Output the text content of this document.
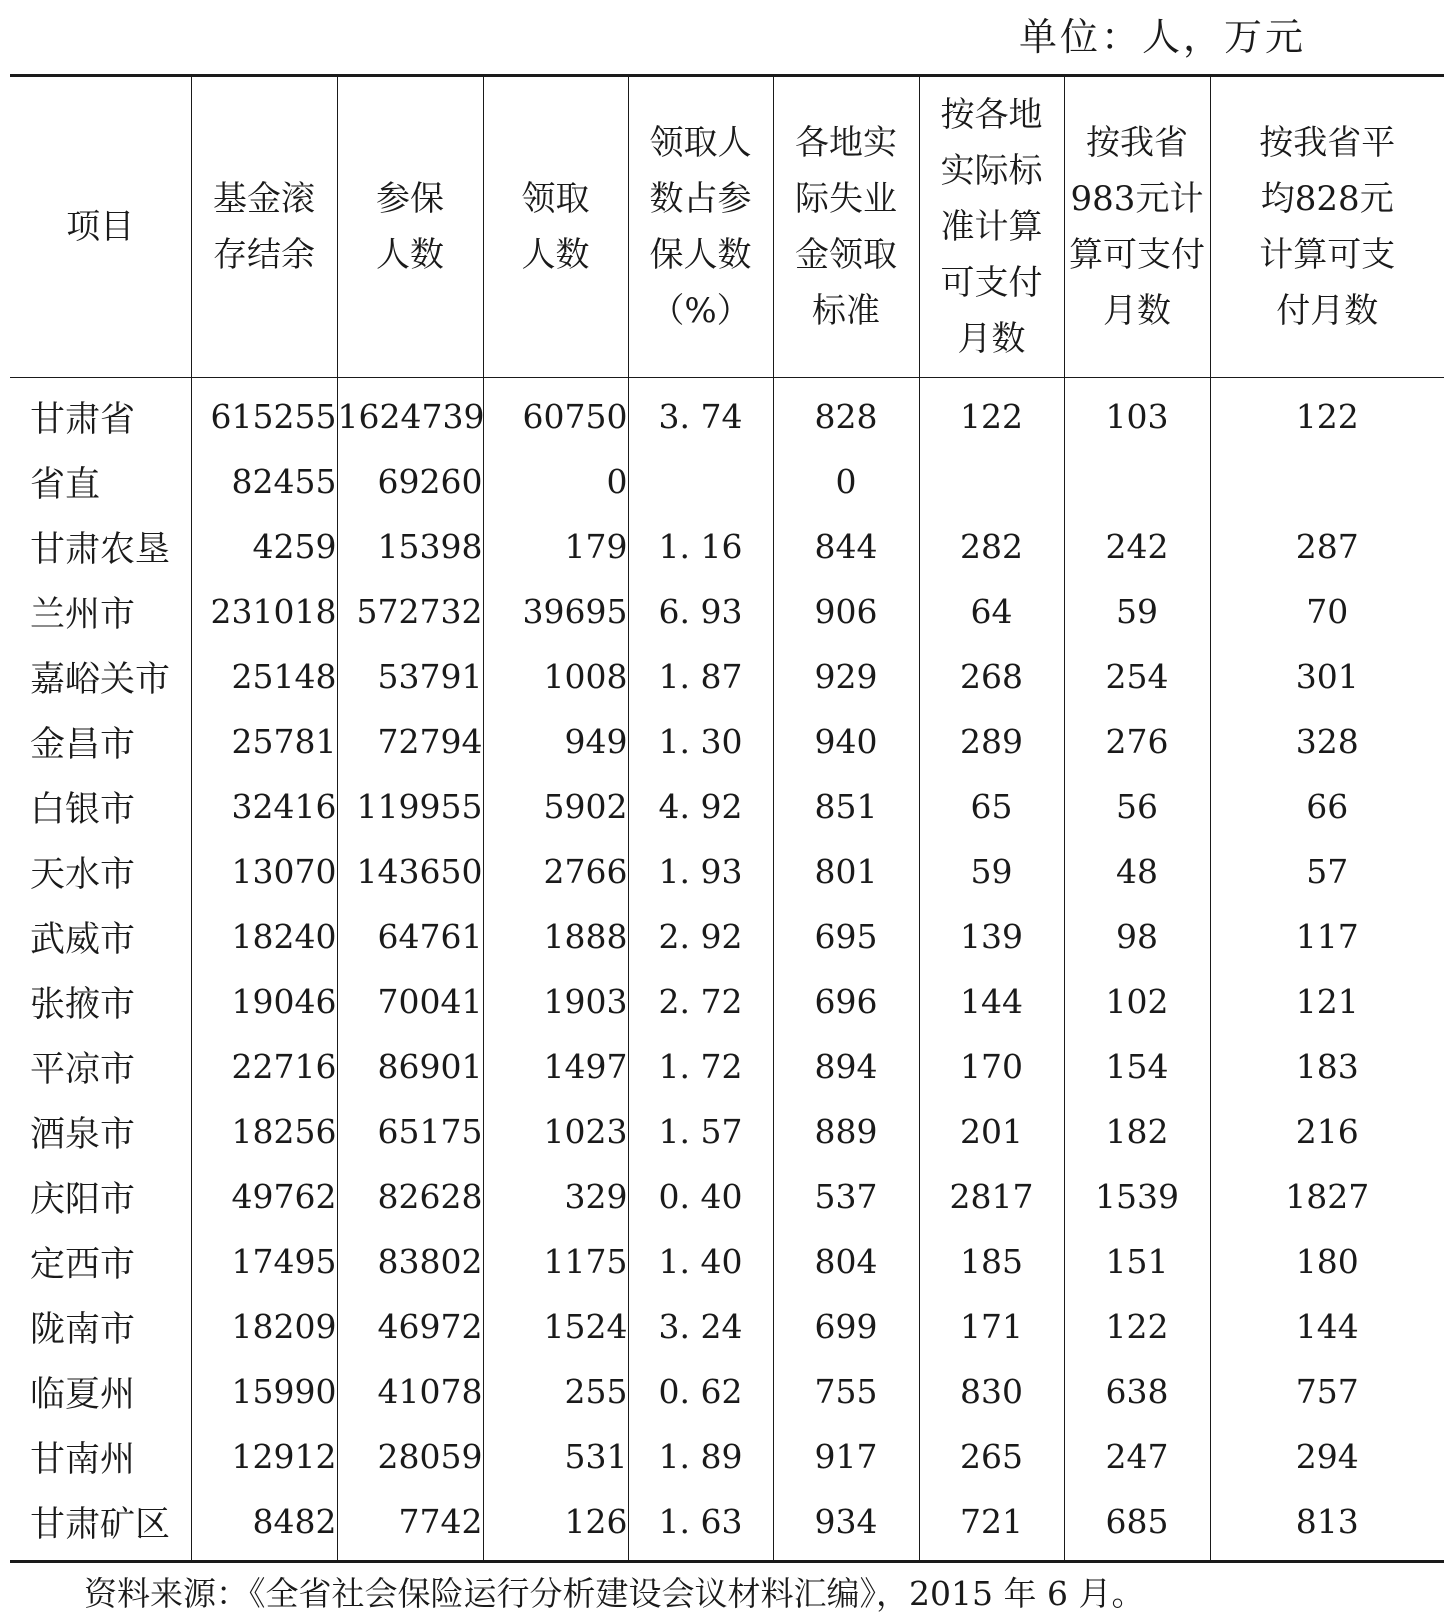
单位：人，万元
项目	基金滚存结余	参保人数	领取人数	领取人数占参保人数（%）	各地实际失业金领取标准	按各地实际标准计算可支付月数	按我省983元计算可支付月数	按我省平均828元计算可支付月数

甘肃省	615255	1624739	60750	3. 74	828	122	103	122
省直	82455	69260	0		0			
甘肃农垦	4259	15398	179	1. 16	844	282	242	287
兰州市	231018	572732	39695	6. 93	906	64	59	70
嘉峪关市	25148	53791	1008	1. 87	929	268	254	301
金昌市	25781	72794	949	1. 30	940	289	276	328
白银市	32416	119955	5902	4. 92	851	65	56	66
天水市	13070	143650	2766	1. 93	801	59	48	57
武威市	18240	64761	1888	2. 92	695	139	98	117
张掖市	19046	70041	1903	2. 72	696	144	102	121
平凉市	22716	86901	1497	1. 72	894	170	154	183
酒泉市	18256	65175	1023	1. 57	889	201	182	216
庆阳市	49762	82628	329	0. 40	537	2817	1539	1827
定西市	17495	83802	1175	1. 40	804	185	151	180
陇南市	18209	46972	1524	3. 24	699	171	122	144
临夏州	15990	41078	255	0. 62	755	830	638	757
甘南州	12912	28059	531	1. 89	917	265	247	294
甘肃矿区	8482	7742	126	1. 63	934	721	685	813
资料来源：《全省社会保险运行分析建设会议材料汇编》，2015 年 6 月。
